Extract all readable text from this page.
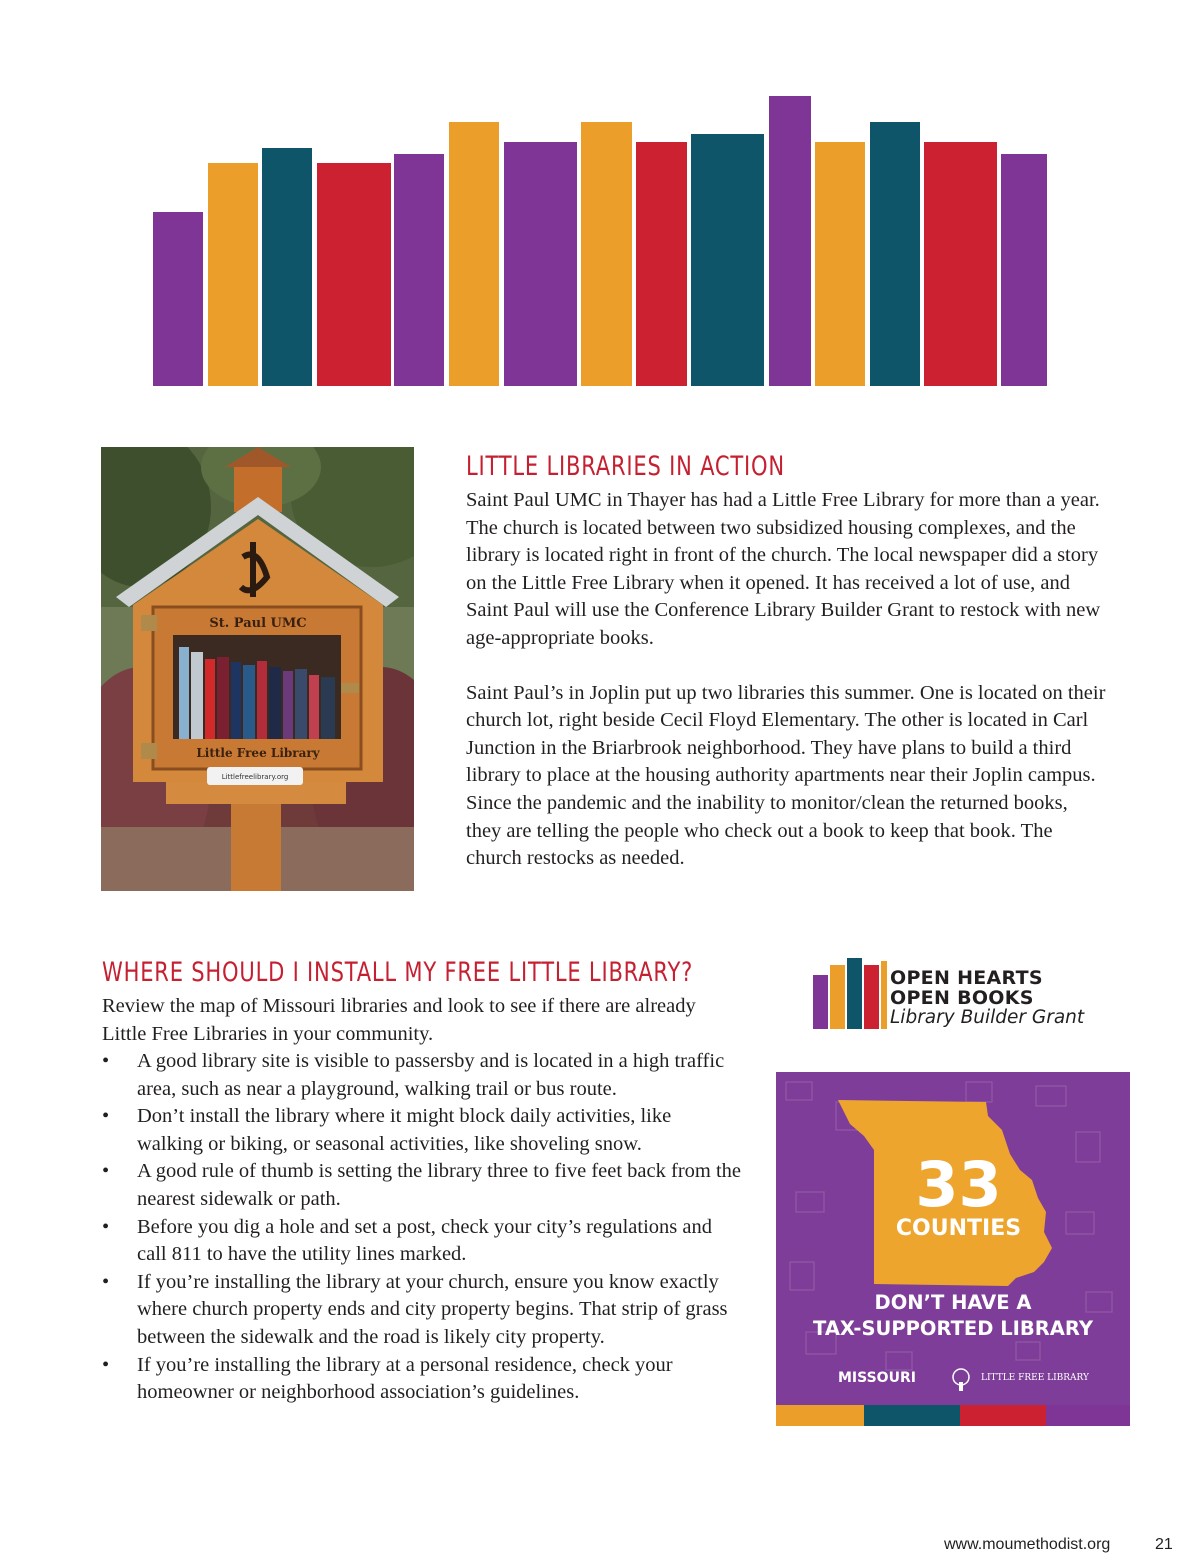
St. Paul UMC
Little Free Library
Littlefreelibrary.org
LITTLE LIBRARIES IN ACTION

Saint Paul UMC in Thayer has had a Little Free Library for more than a year. The church is located between two subsidized housing complexes, and the library is located right in front of the church. The local newspaper did a story on the Little Free Library when it opened. It has received a lot of use, and Saint Paul will use the Conference Library Builder Grant to restock with new age-appropriate books.

Saint Paul’s in Joplin put up two libraries this summer. One is located on their church lot, right beside Cecil Floyd Elementary. The other is located in Carl Junction in the Briarbrook neighborhood. They have plans to build a third library to place at the housing authority apartments near their Joplin campus. Since the pandemic and the inability to monitor/clean the returned books, they are telling the people who check out a book to keep that book. The church restocks as needed.

WHERE SHOULD I INSTALL MY FREE LITTLE LIBRARY?

Review the map of Missouri libraries and look to see if there are already Little Free Libraries in your community.

• A good library site is visible to passersby and is located in a high traffic area, such as near a playground, walking trail or bus route.
• Don’t install the library where it might block daily activities, like walking or biking, or seasonal activities, like shoveling snow.
• A good rule of thumb is setting the library three to five feet back from the nearest sidewalk or path.
• Before you dig a hole and set a post, check your city’s regulations and call 811 to have the utility lines marked.
• If you’re installing the library at your church, ensure you know exactly where church property ends and city property begins. That strip of grass between the sidewalk and the road is likely city property.
• If you’re installing the library at a personal residence, check your homeowner or neighborhood association’s guidelines.
OPEN HEARTS
OPEN BOOKS
Library Builder Grant
33
COUNTIES
DON’T HAVE A
TAX-SUPPORTED LIBRARY
MISSOURI	LITTLE FREE LIBRARY
www.moumethodist.org	21
